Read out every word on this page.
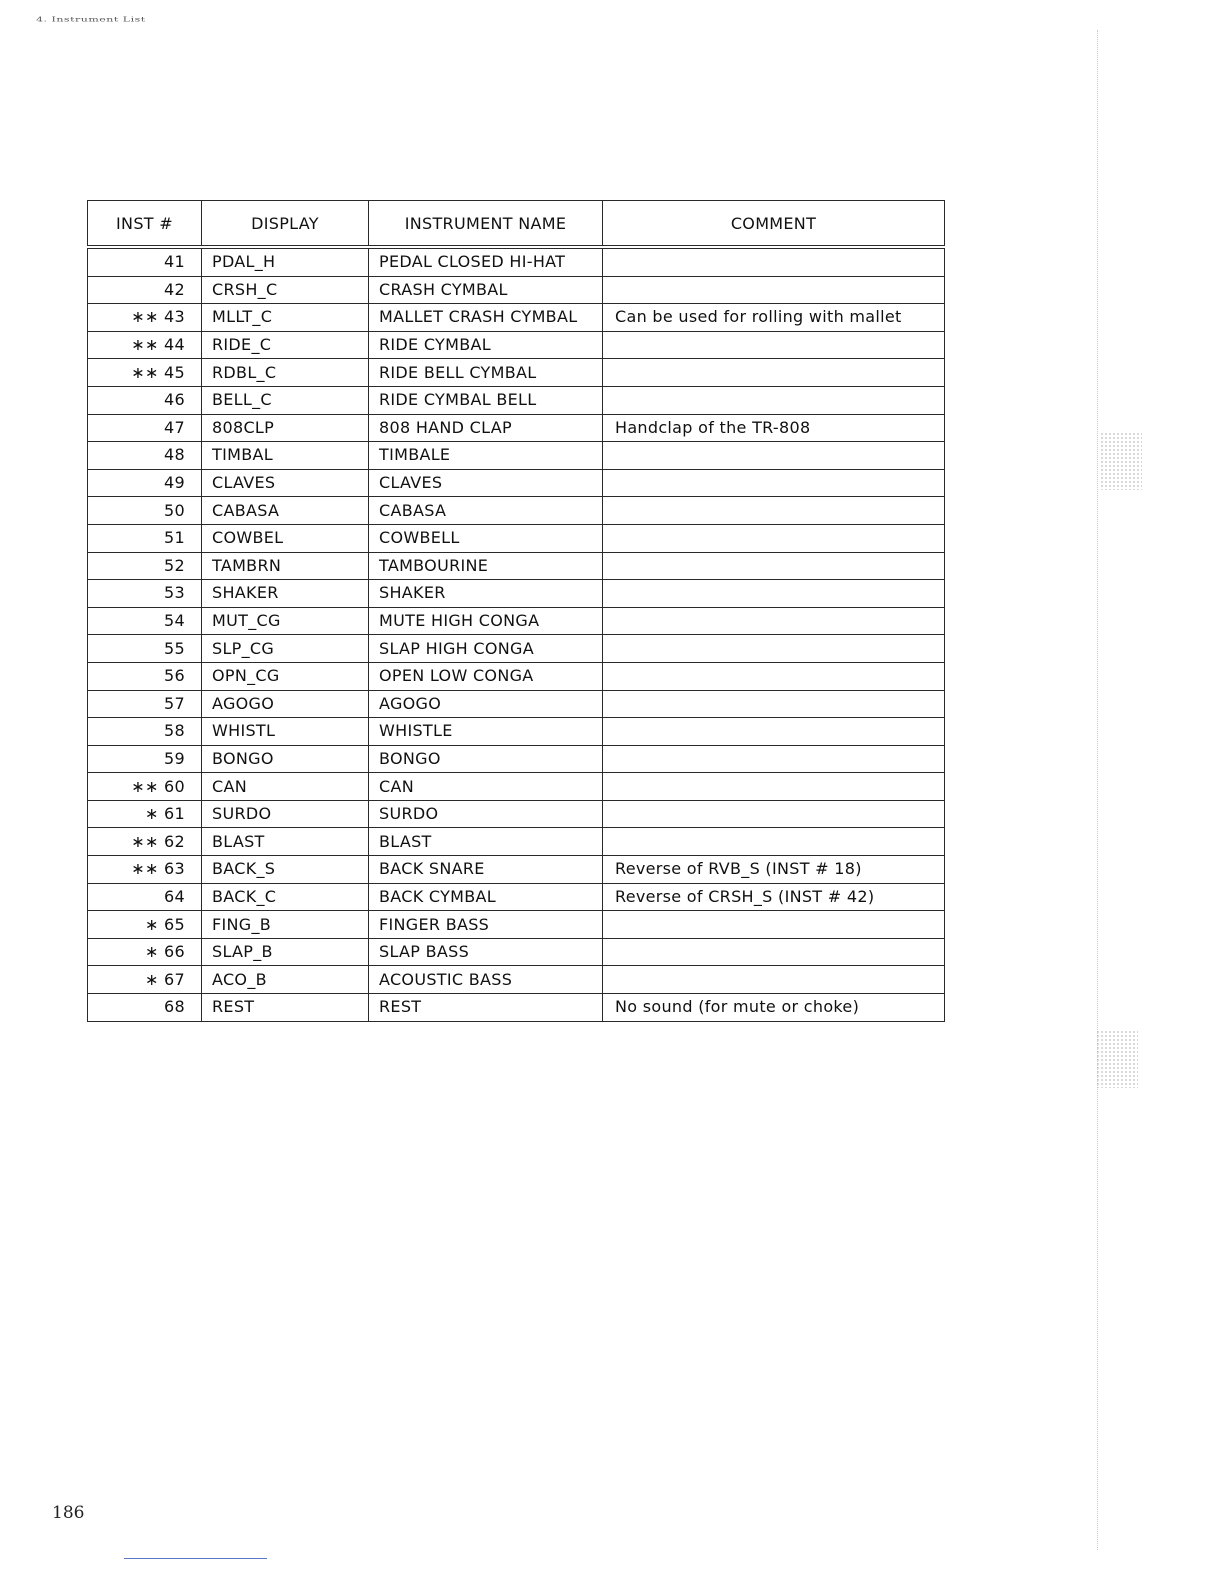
4. Instrument List
INST #	DISPLAY	INSTRUMENT NAME	COMMENT
41	PDAL_H	PEDAL CLOSED HI-HAT	
42	CRSH_C	CRASH CYMBAL	
∗∗ 43	MLLT_C	MALLET CRASH CYMBAL	Can be used for rolling with mallet
∗∗ 44	RIDE_C	RIDE CYMBAL	
∗∗ 45	RDBL_C	RIDE BELL CYMBAL	
46	BELL_C	RIDE CYMBAL BELL	
47	808CLP	808 HAND CLAP	Handclap of the TR-808
48	TIMBAL	TIMBALE	
49	CLAVES	CLAVES	
50	CABASA	CABASA	
51	COWBEL	COWBELL	
52	TAMBRN	TAMBOURINE	
53	SHAKER	SHAKER	
54	MUT_CG	MUTE HIGH CONGA	
55	SLP_CG	SLAP HIGH CONGA	
56	OPN_CG	OPEN LOW CONGA	
57	AGOGO	AGOGO	
58	WHISTL	WHISTLE	
59	BONGO	BONGO	
∗∗ 60	CAN	CAN	
∗ 61	SURDO	SURDO	
∗∗ 62	BLAST	BLAST	
∗∗ 63	BACK_S	BACK SNARE	Reverse of RVB_S (INST # 18)
64	BACK_C	BACK CYMBAL	Reverse of CRSH_S (INST # 42)
∗ 65	FING_B	FINGER BASS	
∗ 66	SLAP_B	SLAP BASS	
∗ 67	ACO_B	ACOUSTIC BASS	
68	REST	REST	No sound (for mute or choke)
186
